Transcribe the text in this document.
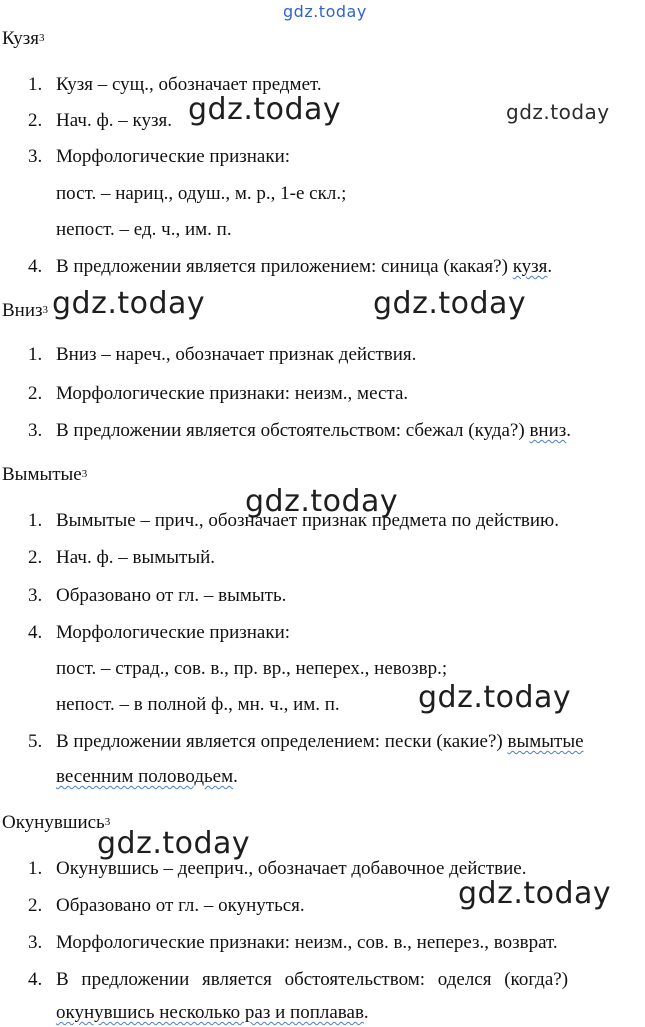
Кузя$^3$
1. Кузя – сущ., обозначает предмет.
2. Нач. ф. – кузя.
3. Морфологические признаки:
пост. – нариц., одуш., м. р., 1-е скл.;
непост. – ед. ч., им. п.
4. В предложении является приложением: синица (какая?) кузя.
Вниз$^3$
1. Вниз – нареч., обозначает признак действия.
2. Морфологические признаки: неизм., места.
3. В предложении является обстоятельством: сбежал (куда?) вниз.
Вымытые$^3$
1. Вымытые – прич., обозначает признак предмета по действию.
2. Нач. ф. – вымытый.
3. Образовано от гл. – вымыть.
4. Морфологические признаки:
пост. – страд., сов. в., пр. вр., неперех., невозвр.;
непост. – в полной ф., мн. ч., им. п.
5. В предложении является определением: пески (какие?) вымытые
весенним половодьем.
Окунувшись$^3$
1. Окунувшись – дееприч., обозначает добавочное действие.
2. Образовано от гл. – окунуться.
3. Морфологические признаки: неизм., сов. в., неперез., возврат.
4. В предложении является обстоятельством: оделся (когда?)
окунувшись несколько раз и поплавав.
gdz.today
gdz.today	gdz.today
gdz.today	gdz.today
gdz.today
gdz.today
gdz.today
gdz.today
